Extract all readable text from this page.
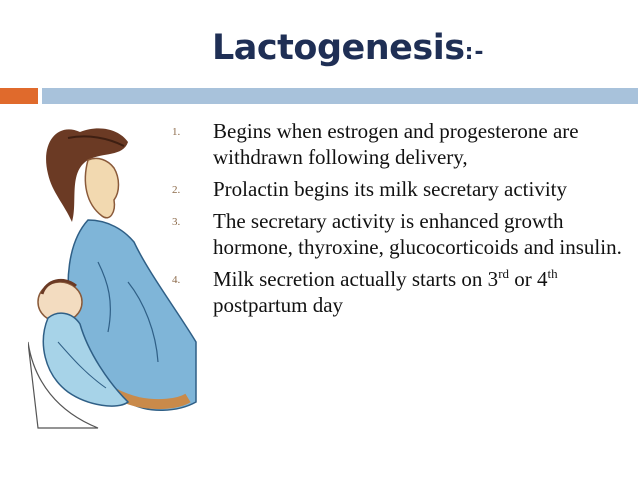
Lactogenesis:-
1.	Begins when estrogen and progesterone are withdrawn following delivery,
2.	Prolactin begins its milk secretary activity
3.	The secretary activity is enhanced growth hormone, thyroxine, glucocorticoids and insulin.
4.	Milk secretion actually starts on 3rd or 4th postpartum day
